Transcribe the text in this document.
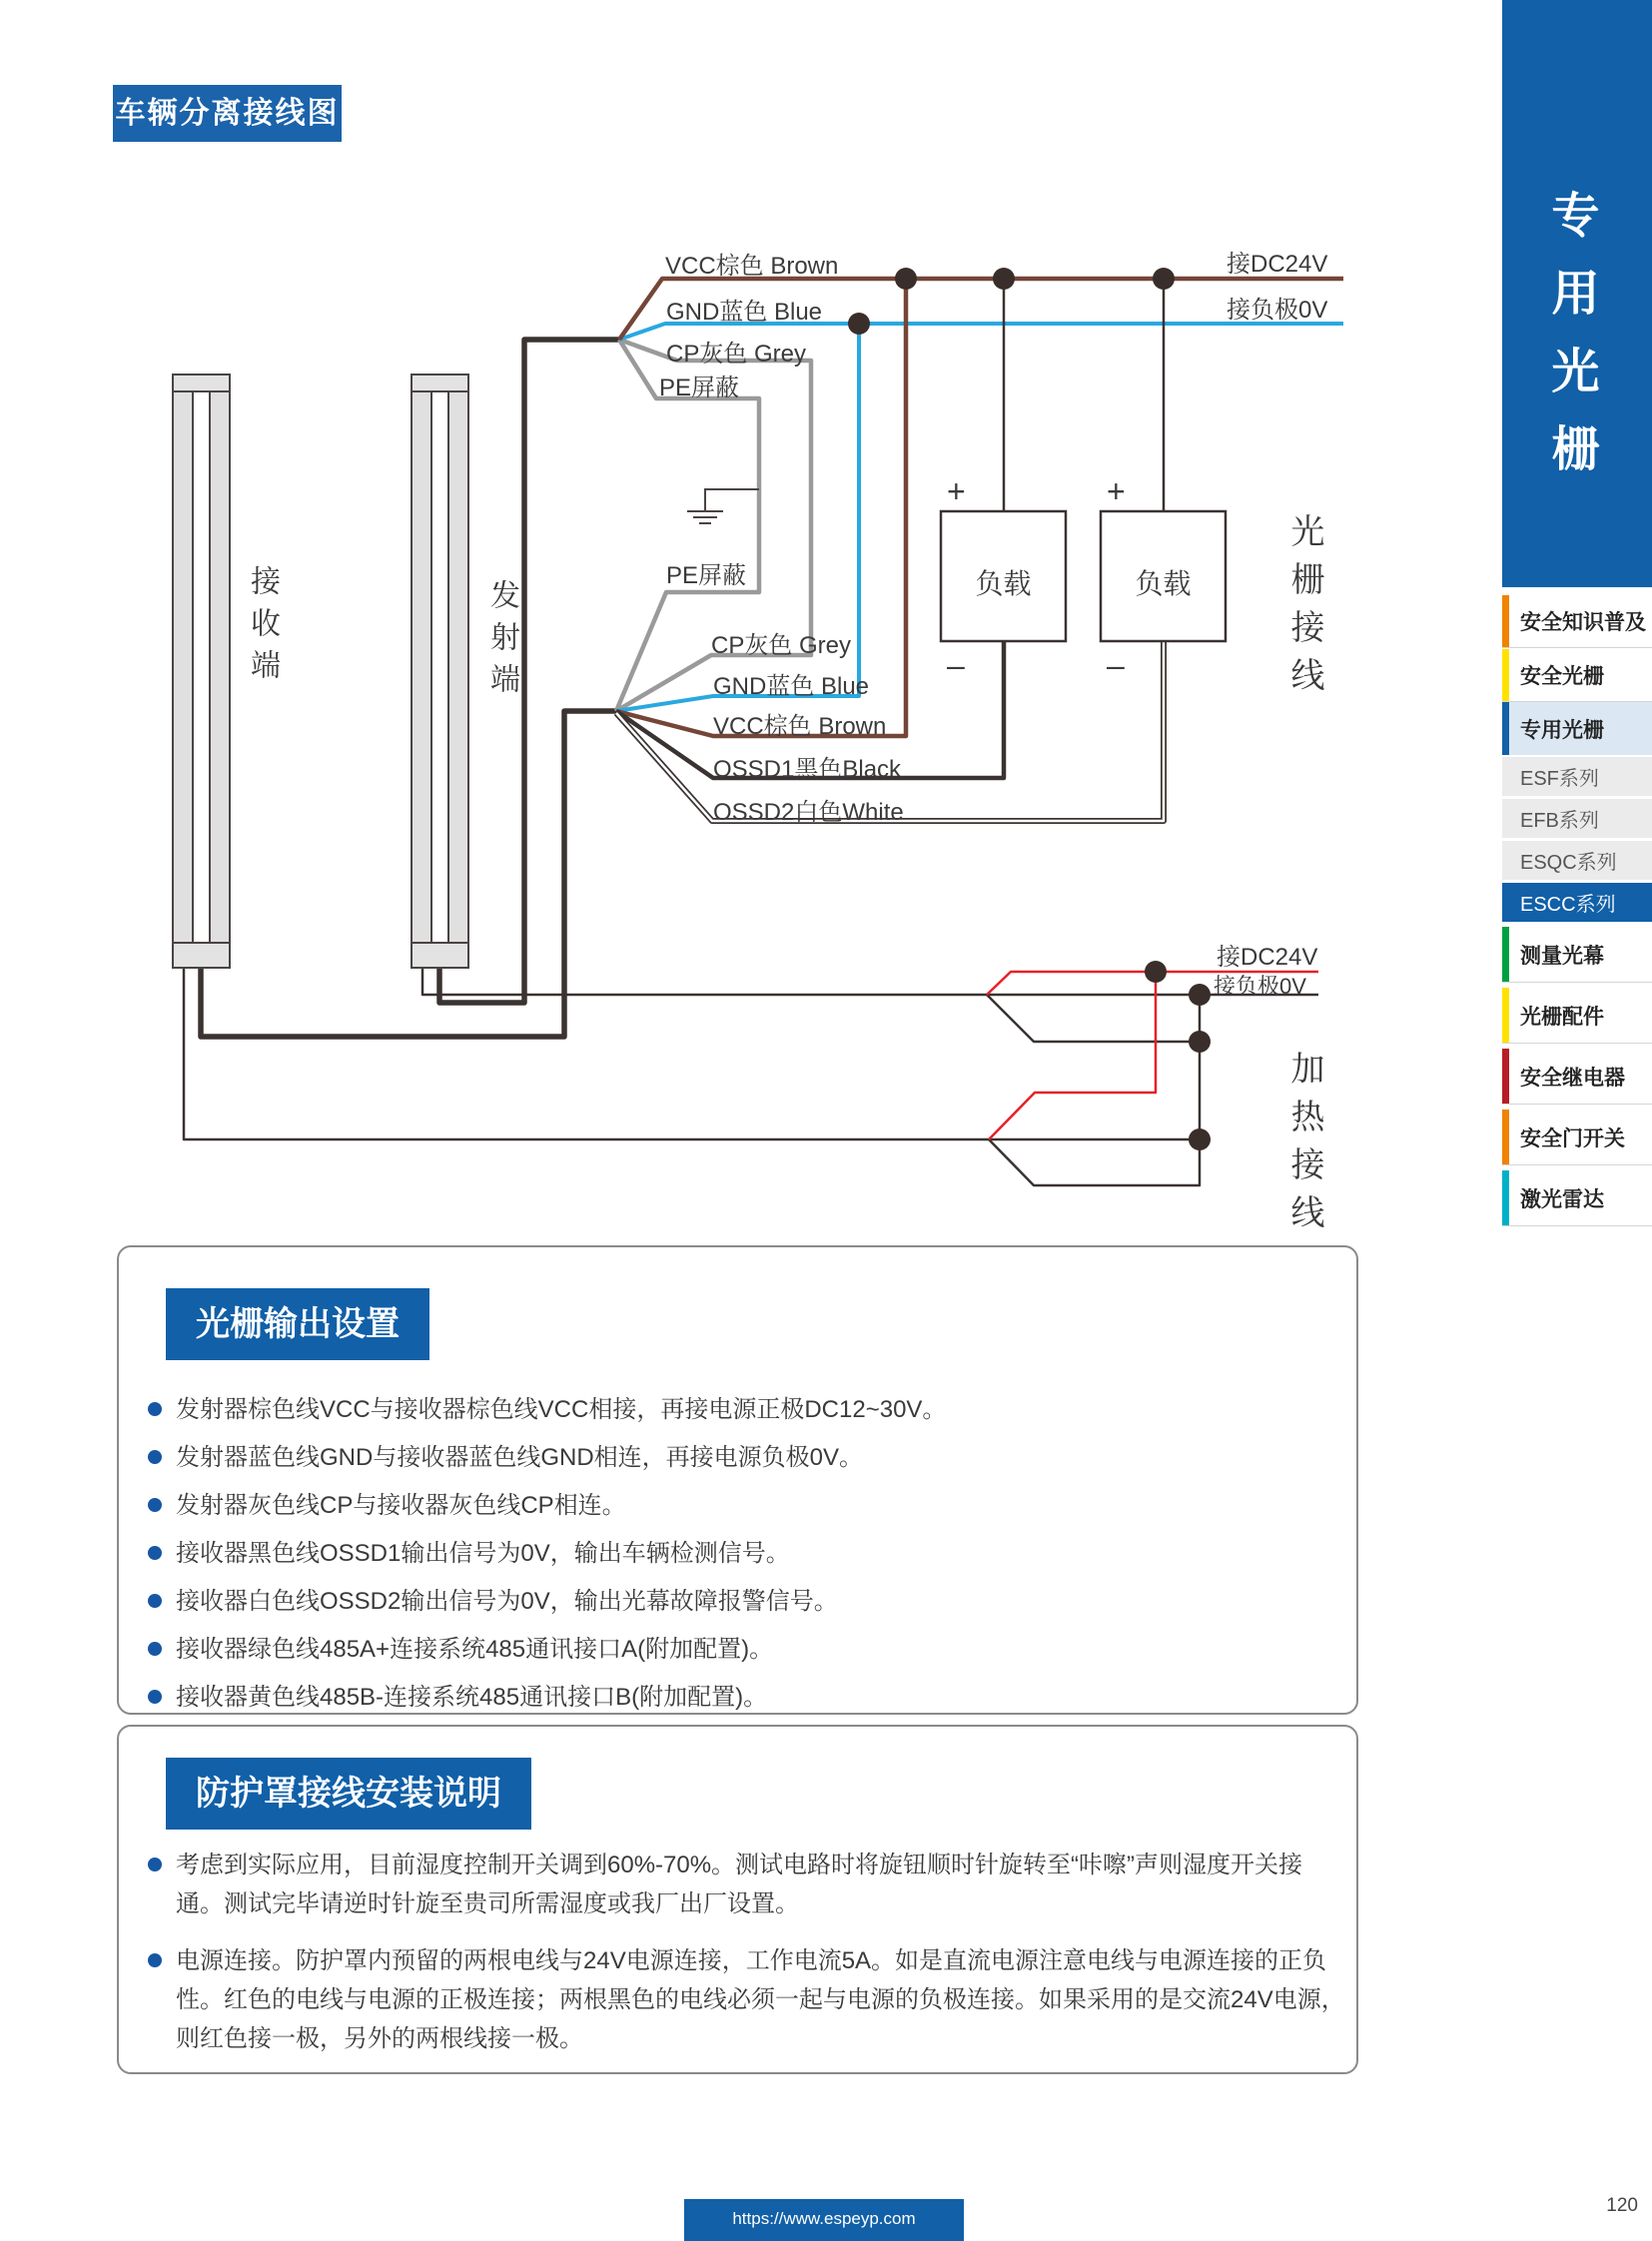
车辆分离接线图
接收端	发射端
VCC棕色 Brown
GND蓝色 Blue
CP灰色 Grey
PE屏蔽
PE屏蔽
CP灰色 Grey
GND蓝色 Blue
VCC棕色 Brown
OSSD1黑色Black
OSSD2白色White
负载	负载
+	+
–	–
接DC24V
接负极0V
接DC24V
接负极0V
光栅接线
加热接线
专用光栅
安全知识普及
安全光栅
专用光栅
ESF系列
EFB系列
ESQC系列
ESCC系列
测量光幕
光栅配件
安全继电器
安全门开关
激光雷达
光栅输出设置
发射器棕色线VCC与接收器棕色线VCC相接，再接电源正极DC12~30V。
发射器蓝色线GND与接收器蓝色线GND相连，再接电源负极0V。
发射器灰色线CP与接收器灰色线CP相连。
接收器黑色线OSSD1输出信号为0V，输出车辆检测信号。
接收器白色线OSSD2输出信号为0V，输出光幕故障报警信号。
接收器绿色线485A+连接系统485通讯接口A(附加配置)。
接收器黄色线485B-连接系统485通讯接口B(附加配置)。
防护罩接线安装说明
考虑到实际应用，目前湿度控制开关调到60%-70%。测试电路时将旋钮顺时针旋转至“咔嚓”声则湿度开关接通。测试完毕请逆时针旋至贵司所需湿度或我厂出厂设置。
电源连接。防护罩内预留的两根电线与24V电源连接，工作电流5A。如是直流电源注意电线与电源连接的正负性。红色的电线与电源的正极连接；两根黑色的电线必须一起与电源的负极连接。如果采用的是交流24V电源，则红色接一极，另外的两根线接一极。
https://www.espeyp.com
120
